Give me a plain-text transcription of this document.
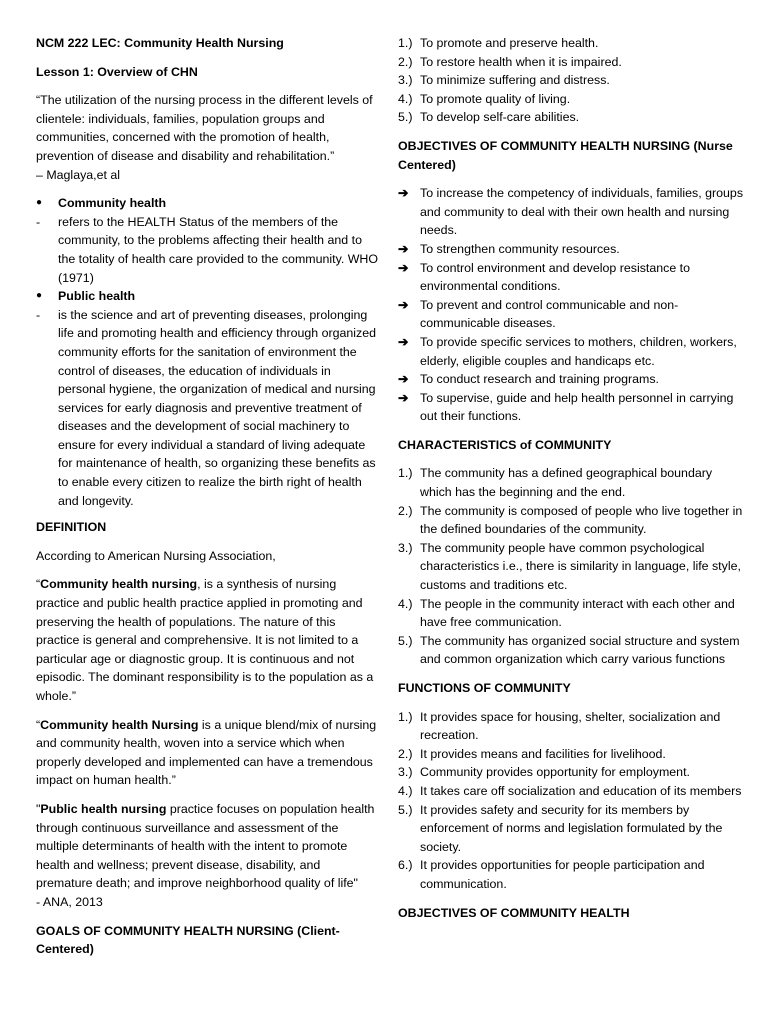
NCM 222 LEC: Community Health Nursing

Lesson 1: Overview of CHN

“The utilization of the nursing process in the different levels of clientele: individuals, families, population groups and communities, concerned with the promotion of health, prevention of disease and disability and rehabilitation.”
– Maglaya,et al

●	Community health
-	refers to the HEALTH Status of the members of the community, to the problems affecting their health and to the totality of health care provided to the community. WHO (1971)
●	Public health
-	is the science and art of preventing diseases, prolonging life and promoting health and efficiency through organized community efforts for the sanitation of environment the control of diseases, the education of individuals in personal hygiene, the organization of medical and nursing services for early diagnosis and preventive treatment of diseases and the development of social machinery to ensure for every individual a standard of living adequate for maintenance of health, so organizing these benefits as to enable every citizen to realize the birth right of health and longevity.

DEFINITION

According to American Nursing Association,

“Community health nursing, is a synthesis of nursing practice and public health practice applied in promoting and preserving the health of populations. The nature of this practice is general and comprehensive. It is not limited to a particular age or diagnostic group. It is continuous and not episodic. The dominant responsibility is to the population as a whole.”

“Community health Nursing is a unique blend/mix of nursing and community health, woven into a service which when properly developed and implemented can have a tremendous impact on human health.”

"Public health nursing practice focuses on population health through continuous surveillance and assessment of the multiple determinants of health with the intent to promote health and wellness; prevent disease, disability, and premature death; and improve neighborhood quality of life"
- ANA, 2013

GOALS OF COMMUNITY HEALTH NURSING (Client-Centered)

1.) To promote and preserve health.
2.) To restore health when it is impaired.
3.) To minimize suffering and distress.
4.) To promote quality of living.
5.) To develop self-care abilities.

OBJECTIVES OF COMMUNITY HEALTH NURSING (Nurse Centered)

➔ To increase the competency of individuals, families, groups and community to deal with their own health and nursing needs.
➔ To strengthen community resources.
➔ To control environment and develop resistance to environmental conditions.
➔ To prevent and control communicable and non-communicable diseases.
➔ To provide specific services to mothers, children, workers, elderly, eligible couples and handicaps etc.
➔ To conduct research and training programs.
➔ To supervise, guide and help health personnel in carrying out their functions.

CHARACTERISTICS of COMMUNITY

1.) The community has a defined geographical boundary which has the beginning and the end.
2.) The community is composed of people who live together in the defined boundaries of the community.
3.) The community people have common psychological characteristics i.e., there is similarity in language, life style, customs and traditions etc.
4.) The people in the community interact with each other and have free communication.
5.) The community has organized social structure and system and common organization which carry various functions

FUNCTIONS OF COMMUNITY

1.) It provides space for housing, shelter, socialization and recreation.
2.) It provides means and facilities for livelihood.
3.) Community provides opportunity for employment.
4.) It takes care off socialization and education of its members
5.) It provides safety and security for its members by enforcement of norms and legislation formulated by the society.
6.) It provides opportunities for people participation and communication.

OBJECTIVES OF COMMUNITY HEALTH
